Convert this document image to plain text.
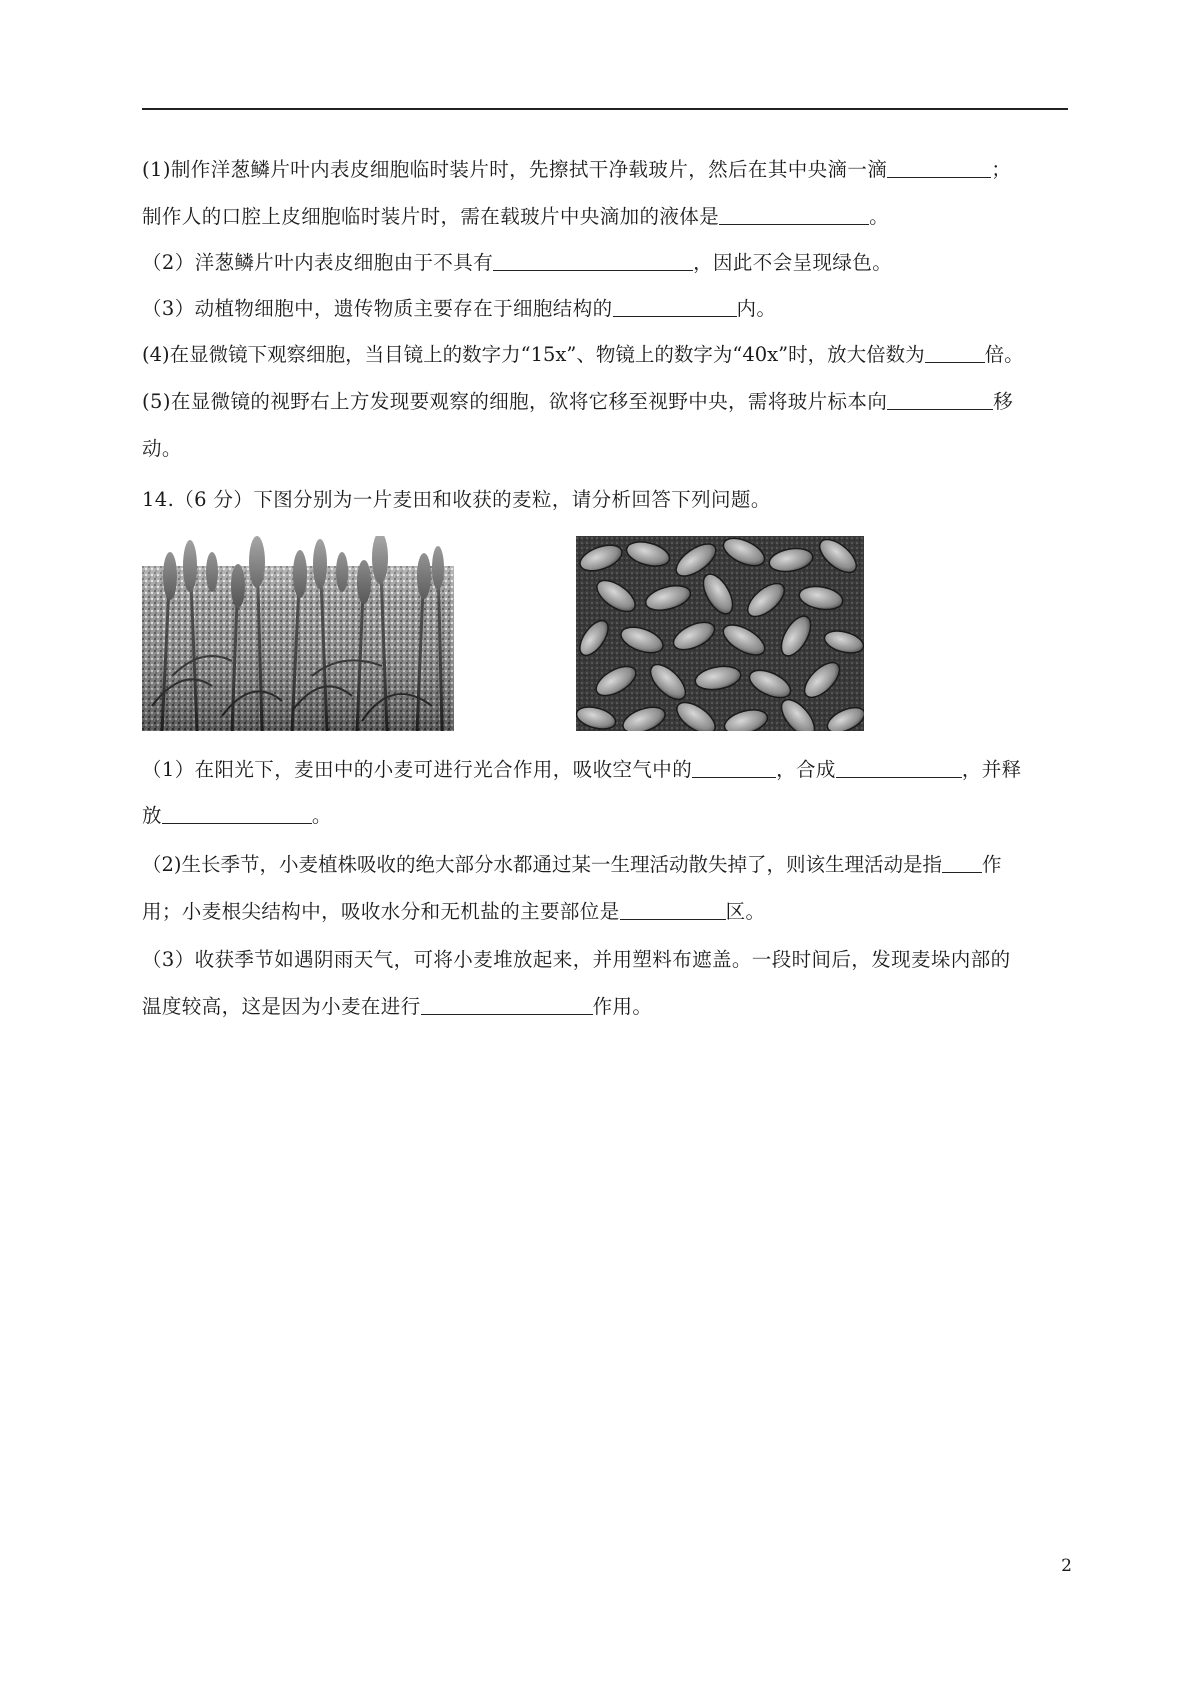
(1)制作洋葱鳞片叶内表皮细胞临时装片时，先擦拭干净载玻片，然后在其中央滴一滴	；
制作人的口腔上皮细胞临时装片时，需在载玻片中央滴加的液体是	。
（2）洋葱鳞片叶内表皮细胞由于不具有	，因此不会呈现绿色。
（3）动植物细胞中，遗传物质主要存在于细胞结构的	内。
(4)在显微镜下观察细胞，当目镜上的数字力“15x”、物镜上的数字为“40x”时，放大倍数为	倍。
(5)在显微镜的视野右上方发现要观察的细胞，欲将它移至视野中央，需将玻片标本向	移
动。
14.（6 分）下图分别为一片麦田和收获的麦粒，请分析回答下列问题。
（1）在阳光下，麦田中的小麦可进行光合作用，吸收空气中的	，合成	，并释
放	。
（2)生长季节，小麦植株吸收的绝大部分水都通过某一生理活动散失掉了，则该生理活动是指 作
用；小麦根尖结构中，吸收水分和无机盐的主要部位是	区。
（3）收获季节如遇阴雨天气，可将小麦堆放起来，并用塑料布遮盖。一段时间后，发现麦垛内部的
温度较高，这是因为小麦在进行	作用。
2
